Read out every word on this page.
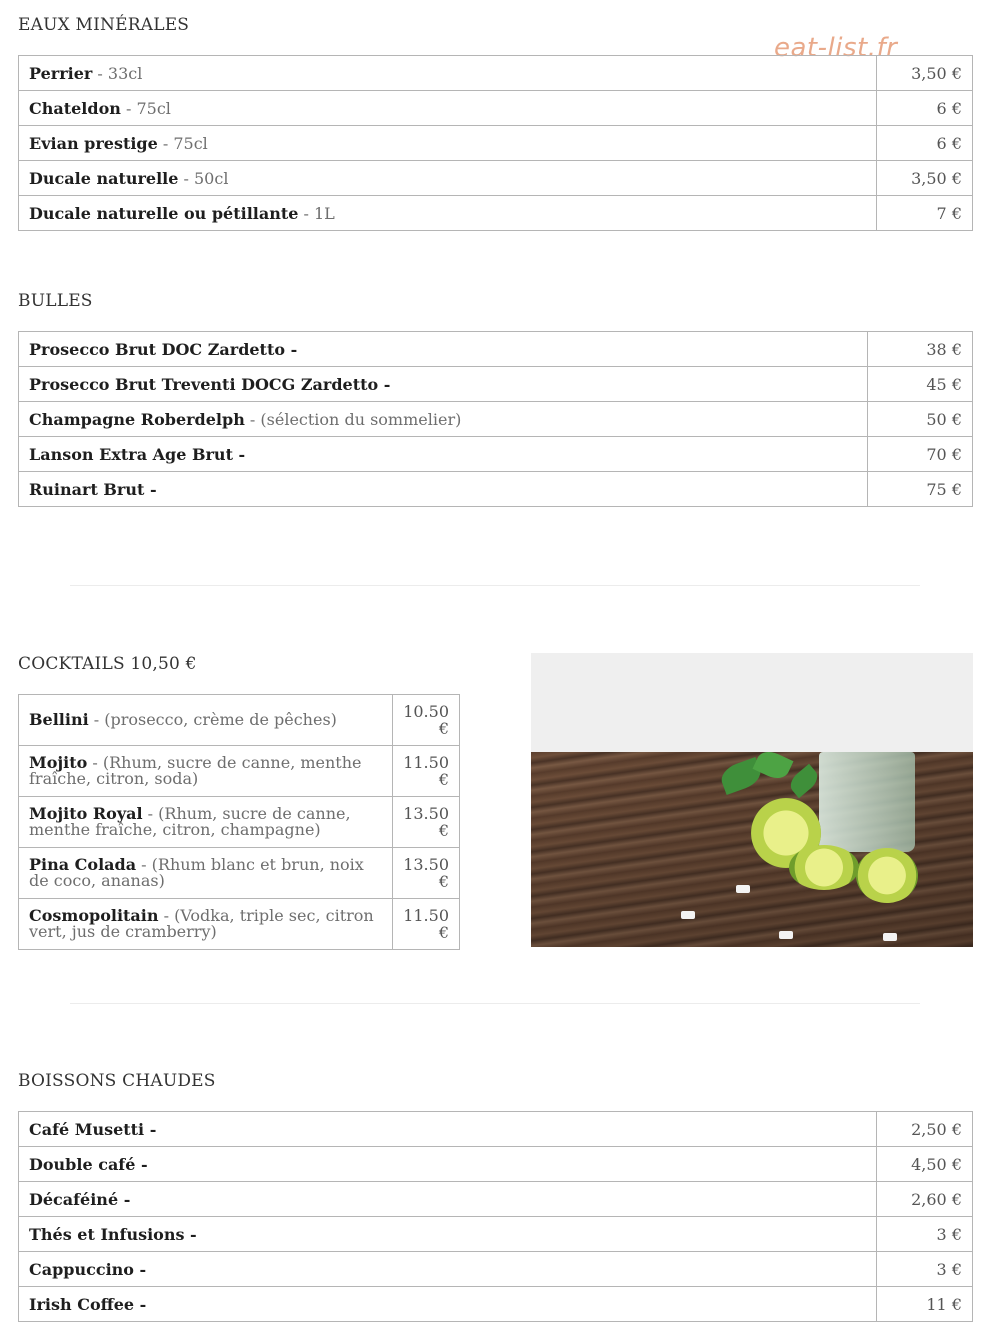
eat-list.fr
EAUX MINÉRALES
Perrier - 33cl	3,50 €
Chateldon - 75cl	6 €
Evian prestige - 75cl	6 €
Ducale naturelle - 50cl	3,50 €
Ducale naturelle ou pétillante - 1L	7 €
BULLES
Prosecco Brut DOC Zardetto -	38 €
Prosecco Brut Treventi DOCG Zardetto -	45 €
Champagne Roberdelph - (sélection du sommelier)	50 €
Lanson Extra Age Brut -	70 €
Ruinart Brut -	75 €
COCKTAILS 10,50 €
Bellini - (prosecco, crème de pêches)	10.50 €
Mojito - (Rhum, sucre de canne, menthe fraîche, citron, soda)	11.50 €
Mojito Royal - (Rhum, sucre de canne, menthe fraîche, citron, champagne)	13.50 €
Pina Colada - (Rhum blanc et brun, noix de coco, ananas)	13.50 €
Cosmopolitain - (Vodka, triple sec, citron vert, jus de cramberry)	11.50 €
BOISSONS CHAUDES
Café Musetti -	2,50 €
Double café -	4,50 €
Décaféiné -	2,60 €
Thés et Infusions -	3 €
Cappuccino -	3 €
Irish Coffee -	11 €
